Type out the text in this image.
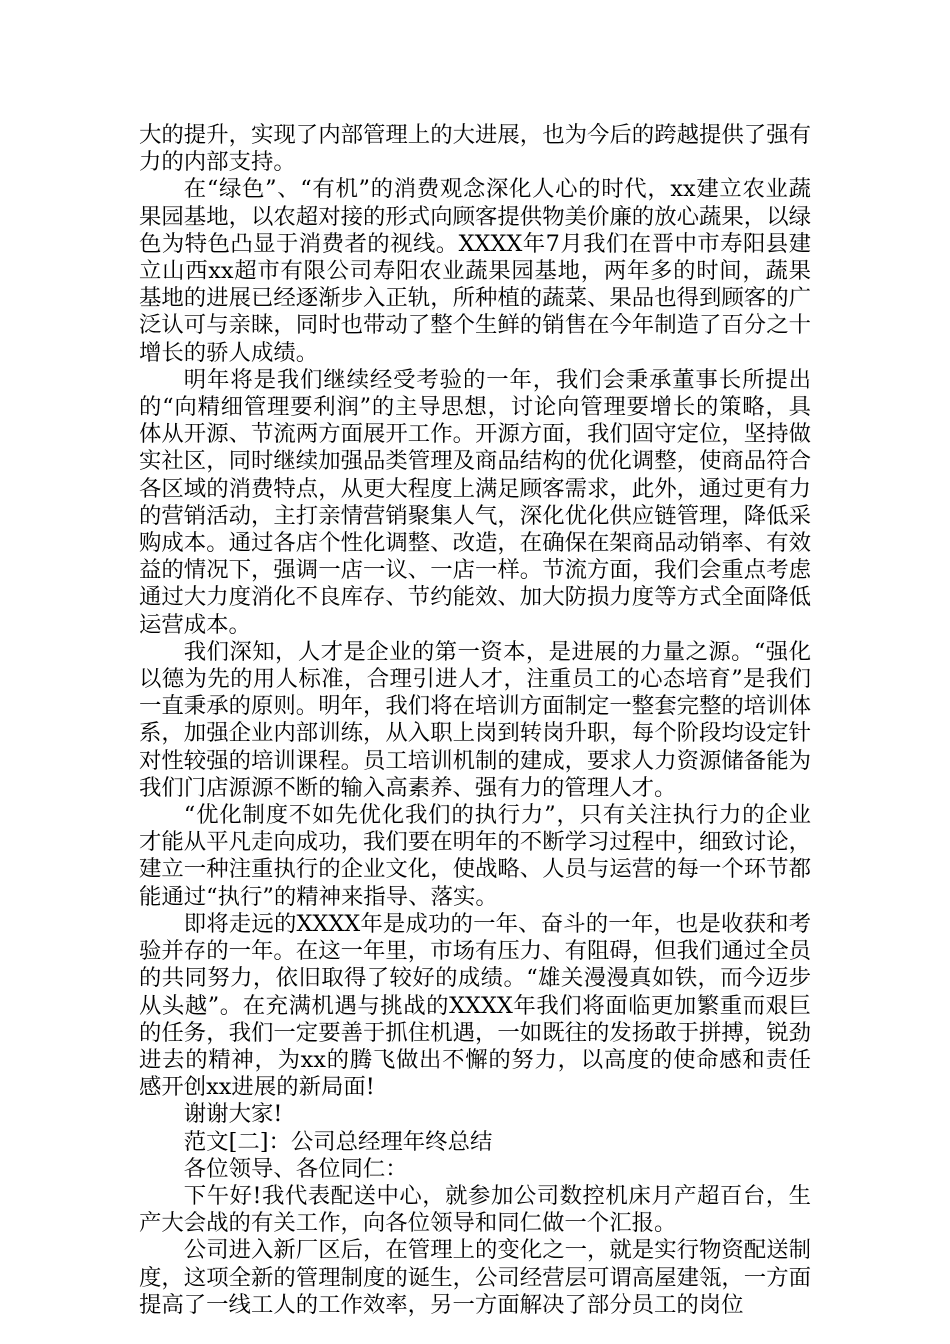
大的提升，实现了内部管理上的大进展，也为今后的跨越提供了强有力的内部支持。

在“绿色”、“有机”的消费观念深化人心的时代，xx建立农业蔬果园基地，以农超对接的形式向顾客提供物美价廉的放心蔬果，以绿色为特色凸显于消费者的视线。XXXX年7月我们在晋中市寿阳县建立山西xx超市有限公司寿阳农业蔬果园基地，两年多的时间，蔬果基地的进展已经逐渐步入正轨，所种植的蔬菜、果品也得到顾客的广泛认可与亲睐，同时也带动了整个生鲜的销售在今年制造了百分之十增长的骄人成绩。

明年将是我们继续经受考验的一年，我们会秉承董事长所提出的“向精细管理要利润”的主导思想，讨论向管理要增长的策略，具体从开源、节流两方面展开工作。开源方面，我们固守定位，坚持做实社区，同时继续加强品类管理及商品结构的优化调整，使商品符合各区域的消费特点，从更大程度上满足顾客需求，此外，通过更有力的营销活动，主打亲情营销聚集人气，深化优化供应链管理，降低采购成本。通过各店个性化调整、改造，在确保在架商品动销率、有效益的情况下，强调一店一议、一店一样。节流方面，我们会重点考虑通过大力度消化不良库存、节约能效、加大防损力度等方式全面降低运营成本。

我们深知，人才是企业的第一资本，是进展的力量之源。“强化以德为先的用人标准，合理引进人才，注重员工的心态培育”是我们一直秉承的原则。明年，我们将在培训方面制定一整套完整的培训体系，加强企业内部训练，从入职上岗到转岗升职，每个阶段均设定针对性较强的培训课程。员工培训机制的建成，要求人力资源储备能为我们门店源源不断的输入高素养、强有力的管理人才。

“优化制度不如先优化我们的执行力”，只有关注执行力的企业才能从平凡走向成功，我们要在明年的不断学习过程中，细致讨论，建立一种注重执行的企业文化，使战略、人员与运营的每一个环节都能通过“执行”的精神来指导、落实。

即将走远的XXXX年是成功的一年、奋斗的一年，也是收获和考验并存的一年。在这一年里，市场有压力、有阻碍，但我们通过全员的共同努力，依旧取得了较好的成绩。“雄关漫漫真如铁，而今迈步从头越”。在充满机遇与挑战的XXXX年我们将面临更加繁重而艰巨的任务，我们一定要善于抓住机遇，一如既往的发扬敢于拼搏，锐劲进去的精神，为xx的腾飞做出不懈的努力，以高度的使命感和责任感开创xx进展的新局面!

谢谢大家!

范文[二]：公司总经理年终总结

各位领导、各位同仁：

下午好!我代表配送中心，就参加公司数控机床月产超百台，生产大会战的有关工作，向各位领导和同仁做一个汇报。

公司进入新厂区后，在管理上的变化之一，就是实行物资配送制度，这项全新的管理制度的诞生，公司经营层可谓高屋建瓴，一方面提高了一线工人的工作效率，另一方面解决了部分员工的岗位
